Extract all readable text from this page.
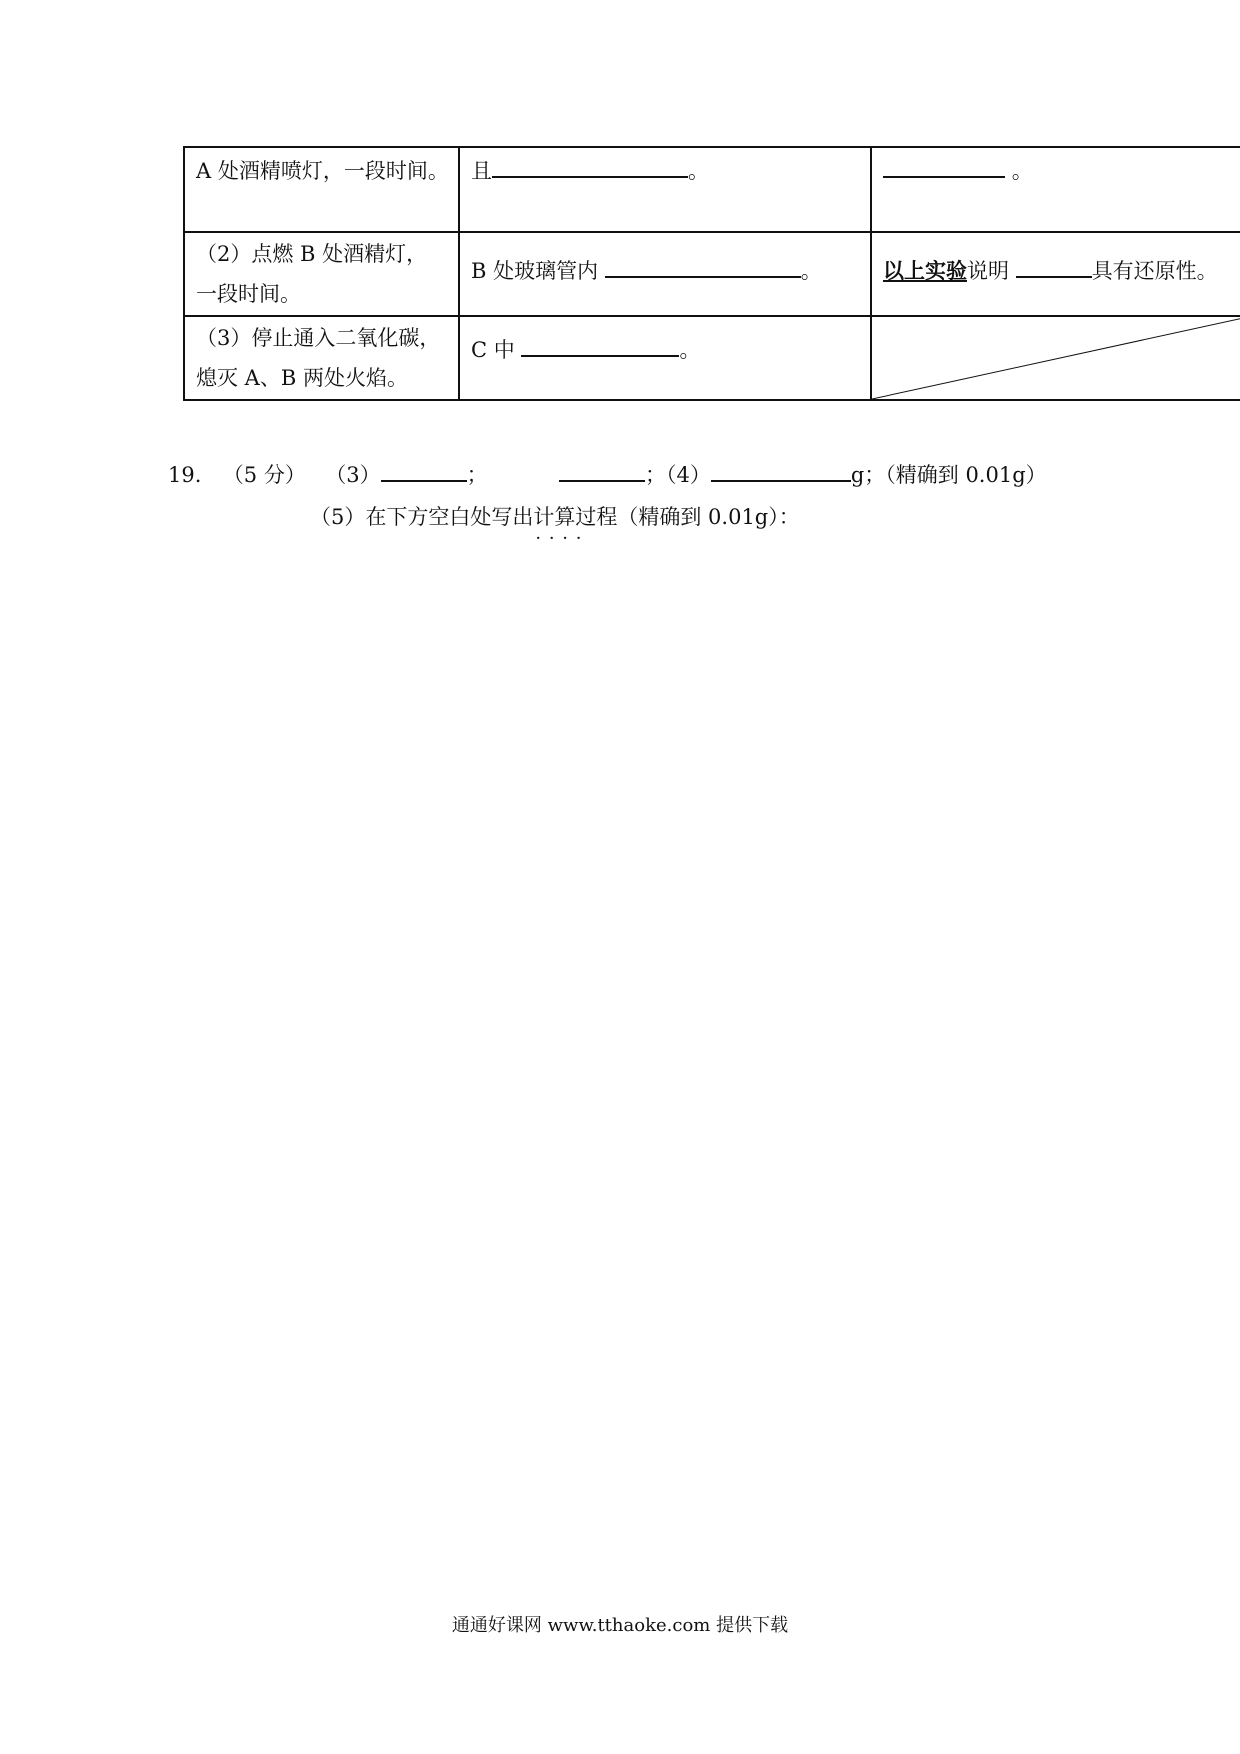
A 处酒精喷灯，一段时间。	且 。	。

（2）点燃 B 处酒精灯，
一段时间。	B 处玻璃管内 。	以上实验说明 具有还原性。

（3）停止通入二氧化碳，
熄灭 A、B 两处火焰。	C 中 。

19. （5 分） （3）	；	；（4）	g；（精确到 0.01g）
（5）在下方空白处写出计算过程 · · · ·（精确到 0.01g）：
通通好课网 www.tthaoke.com 提供下载
